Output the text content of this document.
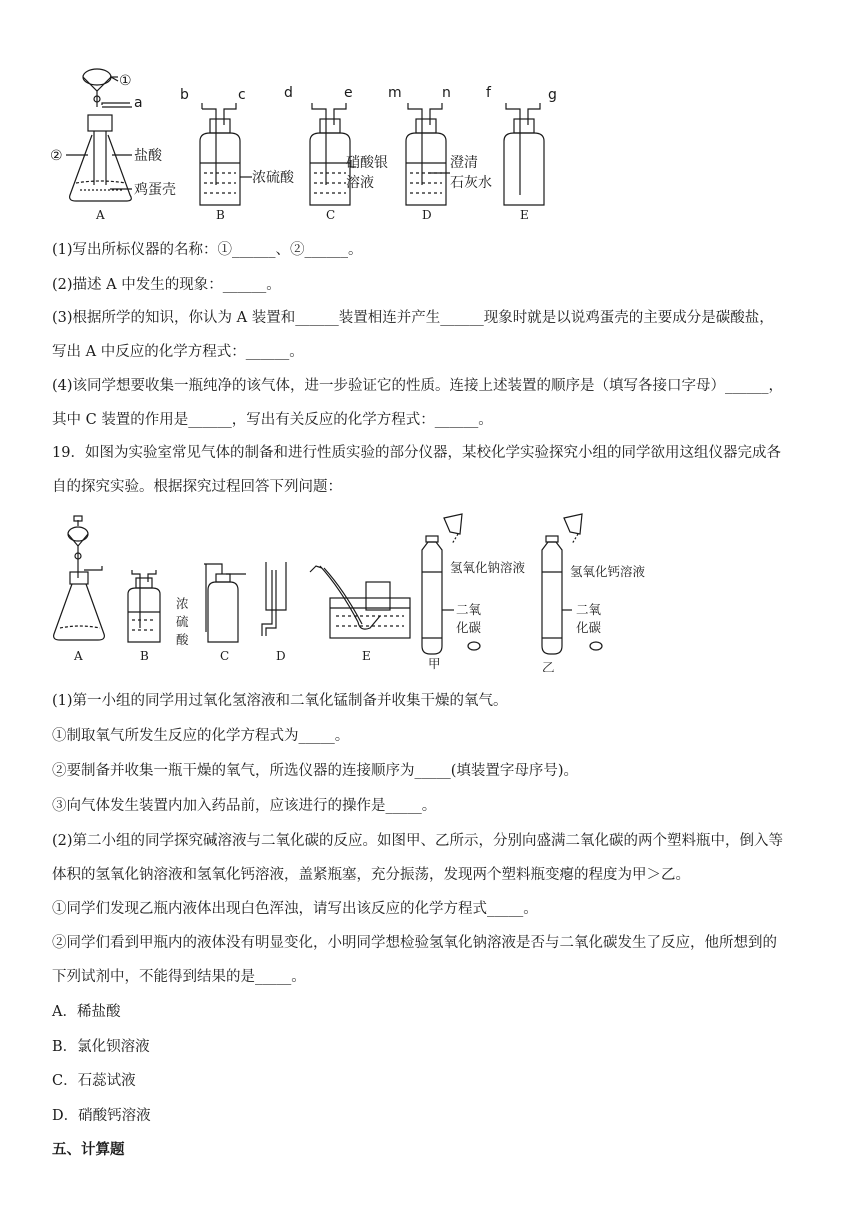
a	b	c	d	e	m	n	f	g
①
②	盐酸
鸡蛋壳
浓硫酸
硝酸银
溶液
澄清
石灰水
A	B	C	D	E
(1)写出所标仪器的名称：①______、②______。
(2)描述 A 中发生的现象：______。
(3)根据所学的知识，你认为 A 装置和______装置相连并产生______现象时就是以说鸡蛋壳的主要成分是碳酸盐，
写出 A 中反应的化学方程式：______。
(4)该同学想要收集一瓶纯净的该气体，进一步验证它的性质。连接上述装置的顺序是（填写各接口字母）______，
其中 C 装置的作用是______，写出有关反应的化学方程式：______。
19．如图为实验室常见气体的制备和进行性质实验的部分仪器，某校化学实验探究小组的同学欲用这组仪器完成各
自的探究实验。根据探究过程回答下列问题：
A	B	C	D	E	甲	乙
浓
硫
酸
氢氧化钠溶液
二氧
化碳
氢氧化钙溶液
二氧
化碳
(1)第一小组的同学用过氧化氢溶液和二氧化锰制备并收集干燥的氧气。
①制取氧气所发生反应的化学方程式为_____。
②要制备并收集一瓶干燥的氧气，所选仪器的连接顺序为_____(填装置字母序号)。
③向气体发生装置内加入药品前，应该进行的操作是_____。
(2)第二小组的同学探究碱溶液与二氧化碳的反应。如图甲、乙所示，分别向盛满二氧化碳的两个塑料瓶中，倒入等
体积的氢氧化钠溶液和氢氧化钙溶液，盖紧瓶塞，充分振荡，发现两个塑料瓶变瘪的程度为甲＞乙。
①同学们发现乙瓶内液体出现白色浑浊，请写出该反应的化学方程式_____。
②同学们看到甲瓶内的液体没有明显变化，小明同学想检验氢氧化钠溶液是否与二氧化碳发生了反应，他所想到的
下列试剂中，不能得到结果的是_____。
A．稀盐酸
B．氯化钡溶液
C．石蕊试液
D．硝酸钙溶液
五、计算题
